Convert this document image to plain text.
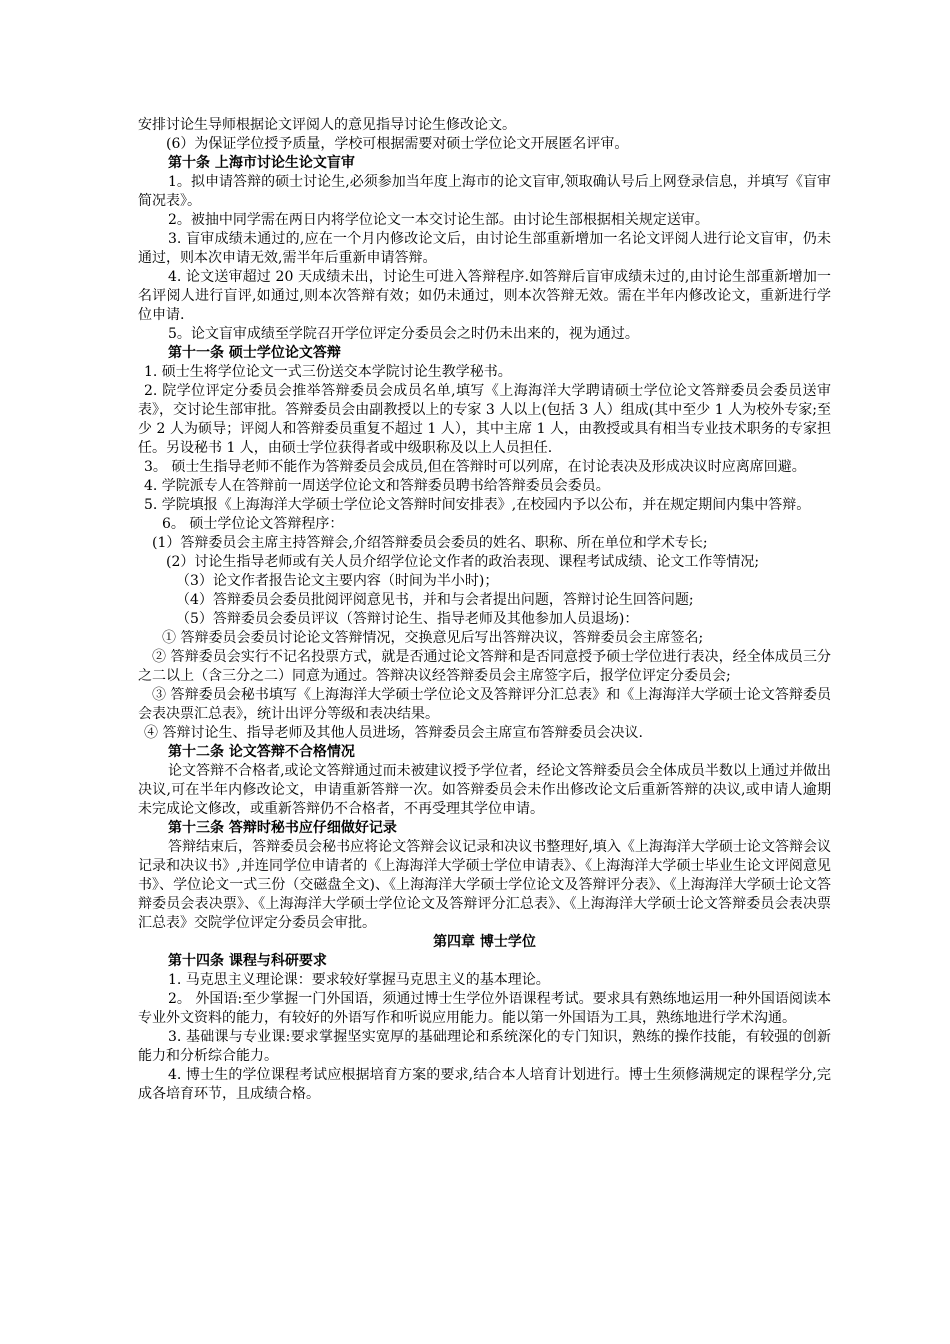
安排讨论生导师根据论文评阅人的意见指导讨论生修改论文。

(6）为保证学位授予质量，学校可根据需要对硕士学位论文开展匿名评审。

第十条 上海市讨论生论文盲审

1。拟申请答辩的硕士讨论生,必须参加当年度上海市的论文盲审,领取确认号后上网登录信息，并填写《盲审简况表》。

2。被抽中同学需在两日内将学位论文一本交讨论生部。由讨论生部根据相关规定送审。

3. 盲审成绩未通过的,应在一个月内修改论文后，由讨论生部重新增加一名论文评阅人进行论文盲审，仍未通过，则本次申请无效,需半年后重新申请答辩。

4. 论文送审超过 20 天成绩未出，讨论生可进入答辩程序.如答辩后盲审成绩未过的,由讨论生部重新增加一名评阅人进行盲评,如通过,则本次答辩有效；如仍未通过，则本次答辩无效。需在半年内修改论文，重新进行学位申请.

5。论文盲审成绩至学院召开学位评定分委员会之时仍未出来的，视为通过。

第十一条 硕士学位论文答辩

1. 硕士生将学位论文一式三份送交本学院讨论生教学秘书。

2. 院学位评定分委员会推举答辩委员会成员名单,填写《上海海洋大学聘请硕士学位论文答辩委员会委员送审表》，交讨论生部审批。答辩委员会由副教授以上的专家 3 人以上(包括 3 人）组成(其中至少 1 人为校外专家;至少 2 人为硕导；评阅人和答辩委员重复不超过 1 人），其中主席 1 人，由教授或具有相当专业技术职务的专家担任。另设秘书 1 人，由硕士学位获得者或中级职称及以上人员担任.

3。 硕士生指导老师不能作为答辩委员会成员,但在答辩时可以列席，在讨论表决及形成决议时应离席回避。

4. 学院派专人在答辩前一周送学位论文和答辩委员聘书给答辩委员会委员。

5. 学院填报《上海海洋大学硕士学位论文答辩时间安排表》,在校园内予以公布，并在规定期间内集中答辩。

6。 硕士学位论文答辩程序：

(1）答辩委员会主席主持答辩会,介绍答辩委员会委员的姓名、职称、所在单位和学术专长;

(2）讨论生指导老师或有关人员介绍学位论文作者的政治表现、课程考试成绩、论文工作等情况;

（3）论文作者报告论文主要内容（时间为半小时)；

（4）答辩委员会委员批阅评阅意见书，并和与会者提出问题，答辩讨论生回答问题;

（5）答辩委员会委员评议（答辩讨论生、指导老师及其他参加人员退场)：

① 答辩委员会委员讨论论文答辩情况，交换意见后写出答辩决议，答辩委员会主席签名;

② 答辩委员会实行不记名投票方式，就是否通过论文答辩和是否同意授予硕士学位进行表决，经全体成员三分之二以上（含三分之二）同意为通过。答辩决议经答辩委员会主席签字后，报学位评定分委员会;

③ 答辩委员会秘书填写《上海海洋大学硕士学位论文及答辩评分汇总表》和《上海海洋大学硕士论文答辩委员会表决票汇总表》，统计出评分等级和表决结果。

④ 答辩讨论生、指导老师及其他人员进场，答辩委员会主席宣布答辩委员会决议.

第十二条 论文答辩不合格情况

论文答辩不合格者,或论文答辩通过而未被建议授予学位者，经论文答辩委员会全体成员半数以上通过并做出决议,可在半年内修改论文，申请重新答辩一次。如答辩委员会未作出修改论文后重新答辩的决议,或申请人逾期未完成论文修改，或重新答辩仍不合格者，不再受理其学位申请。

第十三条 答辩时秘书应仔细做好记录

答辩结束后，答辩委员会秘书应将论文答辩会议记录和决议书整理好,填入《上海海洋大学硕士论文答辩会议记录和决议书》,并连同学位申请者的《上海海洋大学硕士学位申请表》、《上海海洋大学硕士毕业生论文评阅意见书》、学位论文一式三份（交磁盘全文)、《上海海洋大学硕士学位论文及答辩评分表》、《上海海洋大学硕士论文答辩委员会表决票》、《上海海洋大学硕士学位论文及答辩评分汇总表》、《上海海洋大学硕士论文答辩委员会表决票汇总表》交院学位评定分委员会审批。

第四章 博士学位

第十四条 课程与科研要求

1. 马克思主义理论课：要求较好掌握马克思主义的基本理论。

2。 外国语:至少掌握一门外国语，须通过博士生学位外语课程考试。要求具有熟练地运用一种外国语阅读本专业外文资料的能力，有较好的外语写作和听说应用能力。能以第一外国语为工具，熟练地进行学术沟通。

3. 基础课与专业课:要求掌握坚实宽厚的基础理论和系统深化的专门知识，熟练的操作技能，有较强的创新能力和分析综合能力。

4. 博士生的学位课程考试应根据培育方案的要求,结合本人培育计划进行。博士生须修满规定的课程学分,完成各培育环节，且成绩合格。
